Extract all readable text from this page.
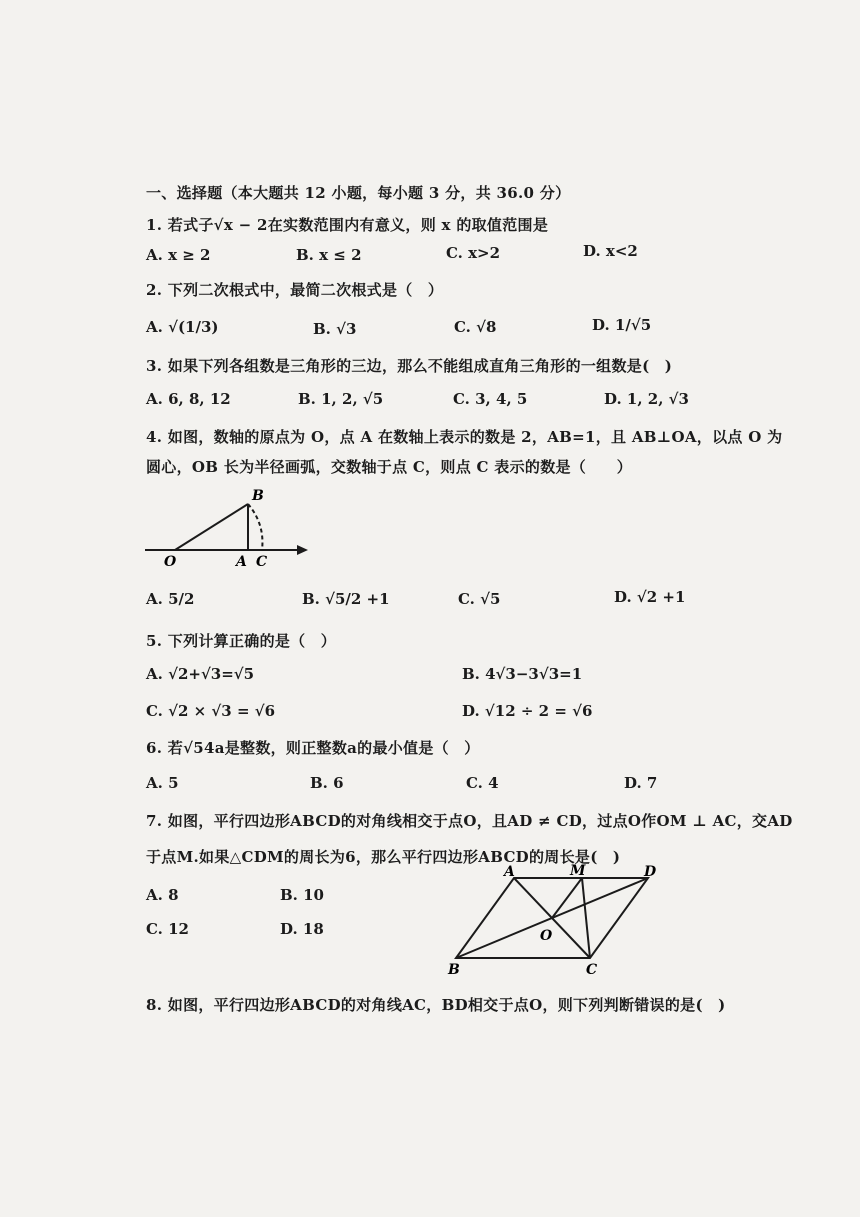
一、选择题（本大题共 12 小题，每小题 3 分，共 36.0 分）
1. 若式子√x − 2在实数范围内有意义，则 x 的取值范围是
A. x ≥ 2	B. x ≤ 2	C. x>2	D. x<2
2. 下列二次根式中，最简二次根式是（　）
A. √(1/3)	B. √3	C. √8	D. 1/√5
3. 如果下列各组数是三角形的三边，那么不能组成直角三角形的一组数是(　)
A. 6, 8, 12	B. 1, 2, √5	C. 3, 4, 5	D. 1, 2, √3
4. 如图，数轴的原点为 O，点 A 在数轴上表示的数是 2，AB=1，且 AB⊥OA，以点 O 为
圆心，OB 长为半径画弧，交数轴于点 C，则点 C 表示的数是（　　）
O	A
B
C
A. 5/2	B. √5/2 +1	C. √5	D. √2 +1
5. 下列计算正确的是（　）
A. √2+√3=√5	B. 4√3−3√3=1
C. √2 × √3 = √6	D. √12 ÷ 2 = √6
6. 若√54a是整数，则正整数a的最小值是（　）
A. 5	B. 6	C. 4	D. 7
7. 如图，平行四边形ABCD的对角线相交于点O，且AD ≠ CD，过点O作OM ⊥ AC，交AD
于点M.如果△CDM的周长为6，那么平行四边形ABCD的周长是(　)
A. 8	B. 10
C. 12	D. 18
A	M	D
B	C
O
8. 如图，平行四边形ABCD的对角线AC，BD相交于点O，则下列判断错误的是(　)
